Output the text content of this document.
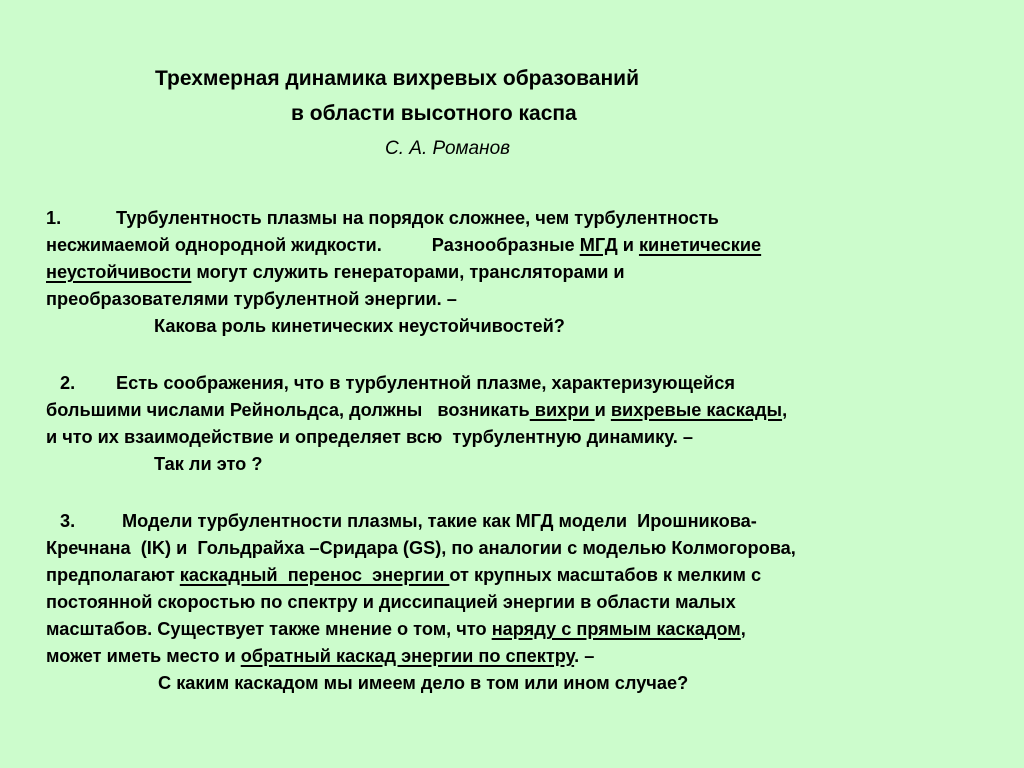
Трехмерная динамика вихревых образований
в области высотного каспа
С. А. Романов
1.	Турбулентность плазмы на порядок сложнее, чем турбулентность
несжимаемой однородной жидкости.	Разнообразные МГД и кинетические
неустойчивости могут служить генераторами, трансляторами и
преобразователями турбулентной энергии. –
Какова роль кинетических неустойчивостей?
2. Есть соображения, что в турбулентной плазме, характеризующейся
большими числами Рейнольдса, должны   возникать вихри и вихревые каскады,
и что их взаимодействие и определяет всю  турбулентную динамику. –
Так ли это ?
3.	Модели турбулентности плазмы, такие как МГД модели  Ирошникова-
Кречнана  (IK) и  Гольдрайха –Сридара (GS), по аналогии с моделью Колмогорова,
предполагают каскадный  перенос  энергии от крупных масштабов к мелким с
постоянной скоростью по спектру и диссипацией энергии в области малых
масштабов. Существует также мнение о том, что наряду с прямым каскадом,
может иметь место и обратный каскад энергии по спектру. –
С каким каскадом мы имеем дело в том или ином случае?
